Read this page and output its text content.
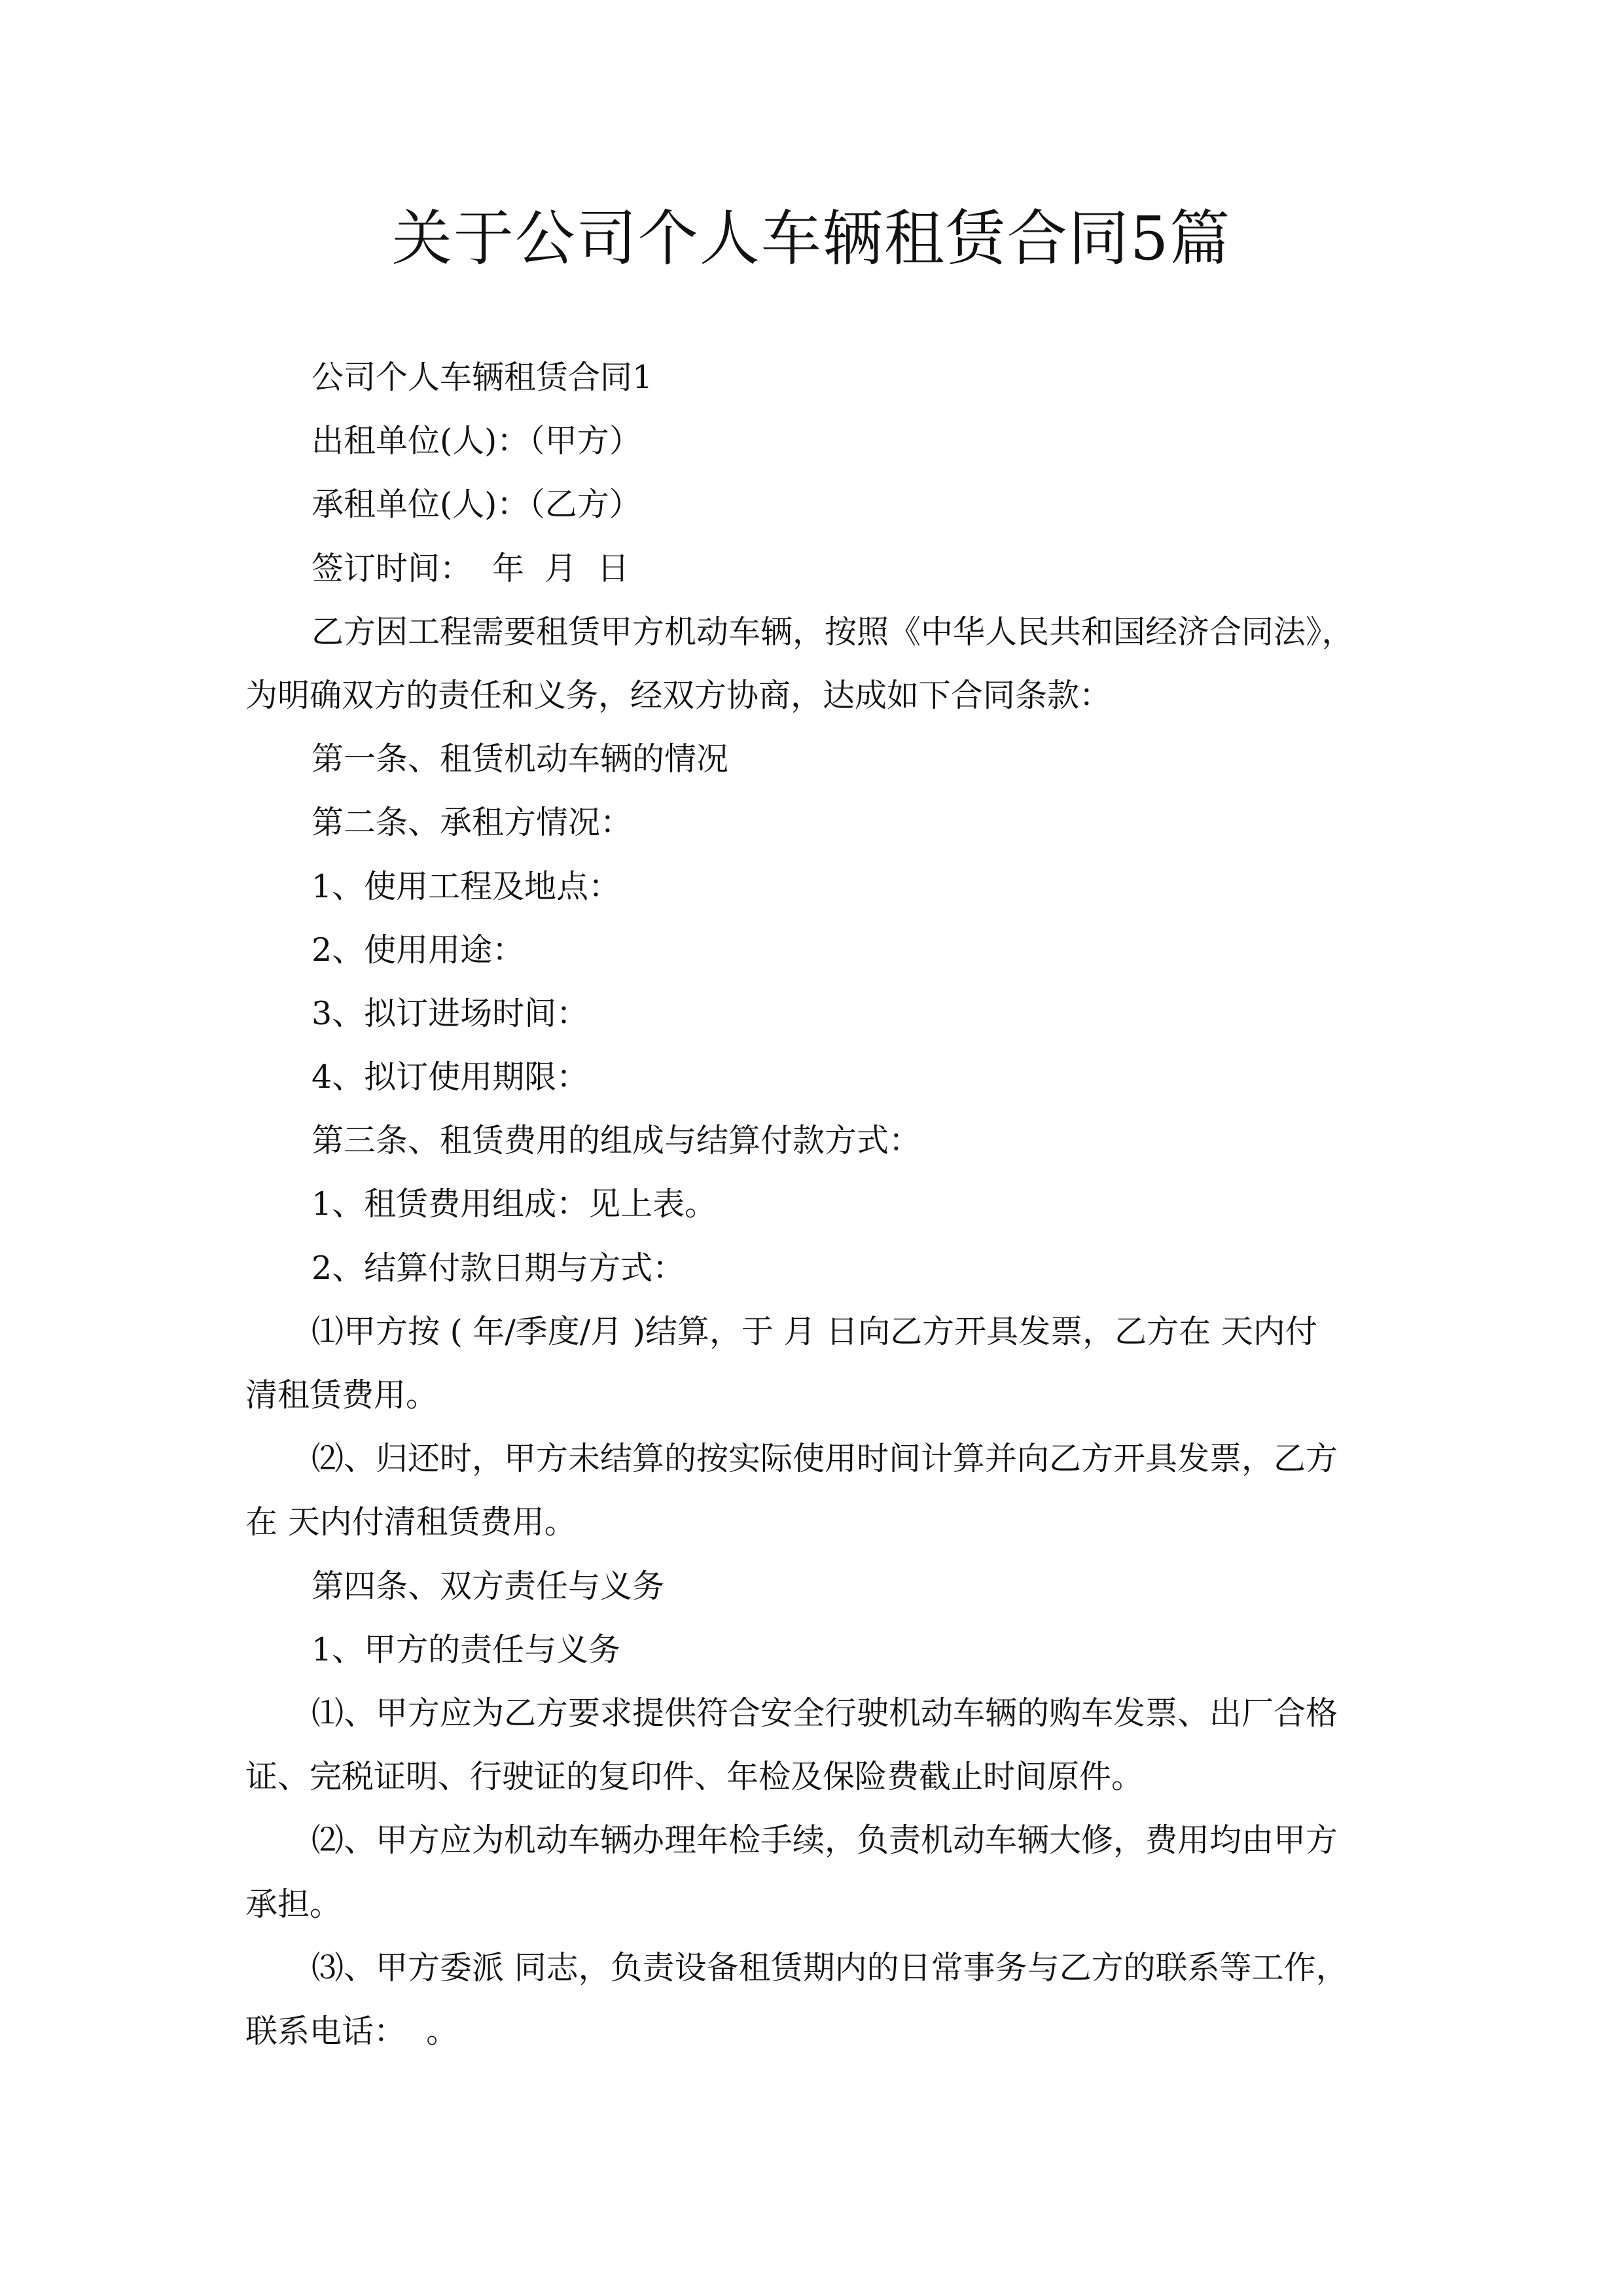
关于公司个人车辆租赁合同5篇
公司个人车辆租赁合同1
出租单位(人)：（甲方）
承租单位(人)：（乙方）
签订时间：  年  月  日
乙方因工程需要租赁甲方机动车辆，按照《中华人民共和国经济合同法》，
为明确双方的责任和义务，经双方协商，达成如下合同条款：
第一条、租赁机动车辆的情况
第二条、承租方情况：
1、使用工程及地点：
2、使用用途：
3、拟订进场时间：
4、拟订使用期限：
第三条、租赁费用的组成与结算付款方式：
1、租赁费用组成：见上表。
2、结算付款日期与方式：
⑴甲方按 ( 年/季度/月 )结算，于 月 日向乙方开具发票，乙方在 天内付
清租赁费用。
⑵、归还时，甲方未结算的按实际使用时间计算并向乙方开具发票，乙方
在 天内付清租赁费用。
第四条、双方责任与义务
1、甲方的责任与义务
⑴、甲方应为乙方要求提供符合安全行驶机动车辆的购车发票、出厂合格
证、完税证明、行驶证的复印件、年检及保险费截止时间原件。
⑵、甲方应为机动车辆办理年检手续，负责机动车辆大修，费用均由甲方
承担。
⑶、甲方委派 同志，负责设备租赁期内的日常事务与乙方的联系等工作，
联系电话：  。
